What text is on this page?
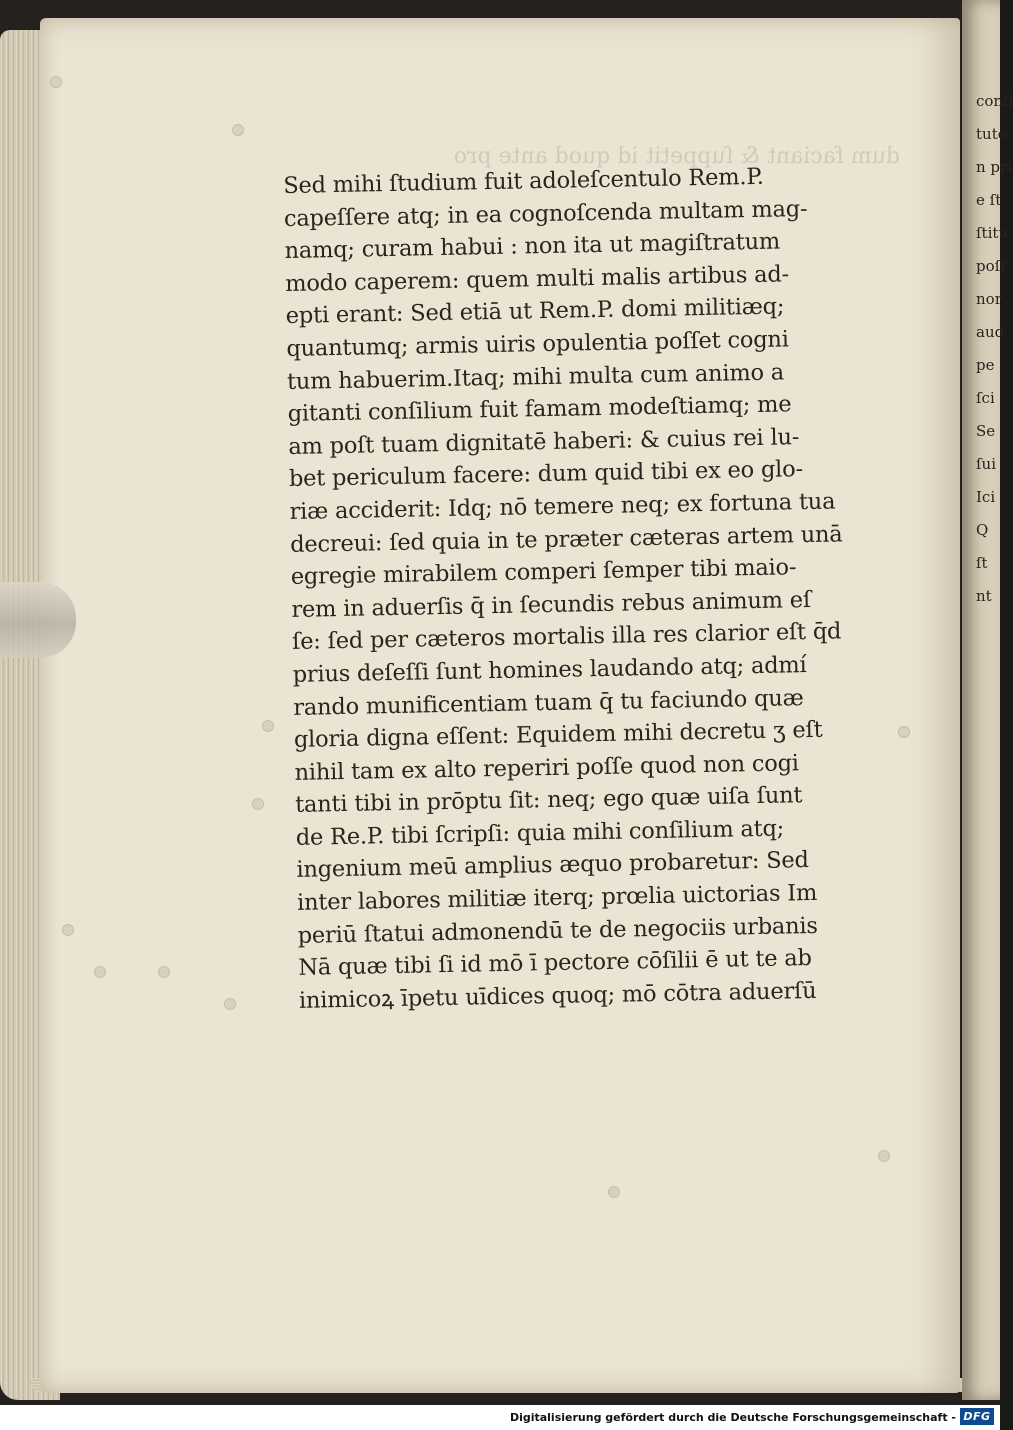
conſi
tute
n pri
e ſt
ſtitu
poſſ
nor
aud
pe
ſci
Se
ſui
Ici
Q
ſt
nt
dum faciant & ſuppetit id quod ante pro
Sed mihi ſtudium fuit adoleſcentulo Rem.P.
capeſſere atq; in ea cognoſcenda multam mag-
namq; curam habui : non ita ut magiſtratum
modo caperem: quem multi malis artibus ad-
epti erant: Sed etiā ut Rem.P. domi militiæq;
quantumq; armis uiris opulentia poſſet cogni
tum habuerim.Itaq; mihi multa cum animo a
gitanti conſilium fuit famam modeſtiamq; me
am poſt tuam dignitatē haberi: & cuius rei lu-
bet periculum facere: dum quid tibi ex eo glo-
riæ acciderit: Idq; nō temere neq; ex fortuna tua
decreui: ſed quia in te præter cæteras artem unā
egregie mirabilem comperi ſemper tibi maio-
rem in aduerſis q̄ in ſecundis rebus animum eſ
ſe: ſed per cæteros mortalis illa res clarior eſt q̄d
prius deſeſſi ſunt homines laudando atq; admí
rando munificentiam tuam q̄ tu faciundo quæ
gloria digna eſſent: Equidem mihi decretu ʒ eſt
nihil tam ex alto reperiri poſſe quod non cogi
tanti tibi in prōptu ſit: neq; ego quæ uiſa ſunt
de Re.P. tibi ſcripſi: quia mihi conſilium atq;
ingenium meū amplius æquo probaretur: Sed
inter labores militiæ iterq; prœlia uictorias Im
periū ſtatui admonendū te de negociis urbanis
Nā quæ tibi ſi id mō ī pectore cōſilii ē ut te ab
inimicoꝝ īpetu uīdices quoq; mō cōtra aduerſū
Digitalisierung gefördert durch die Deutsche Forschungsgemeinschaft - DFG
